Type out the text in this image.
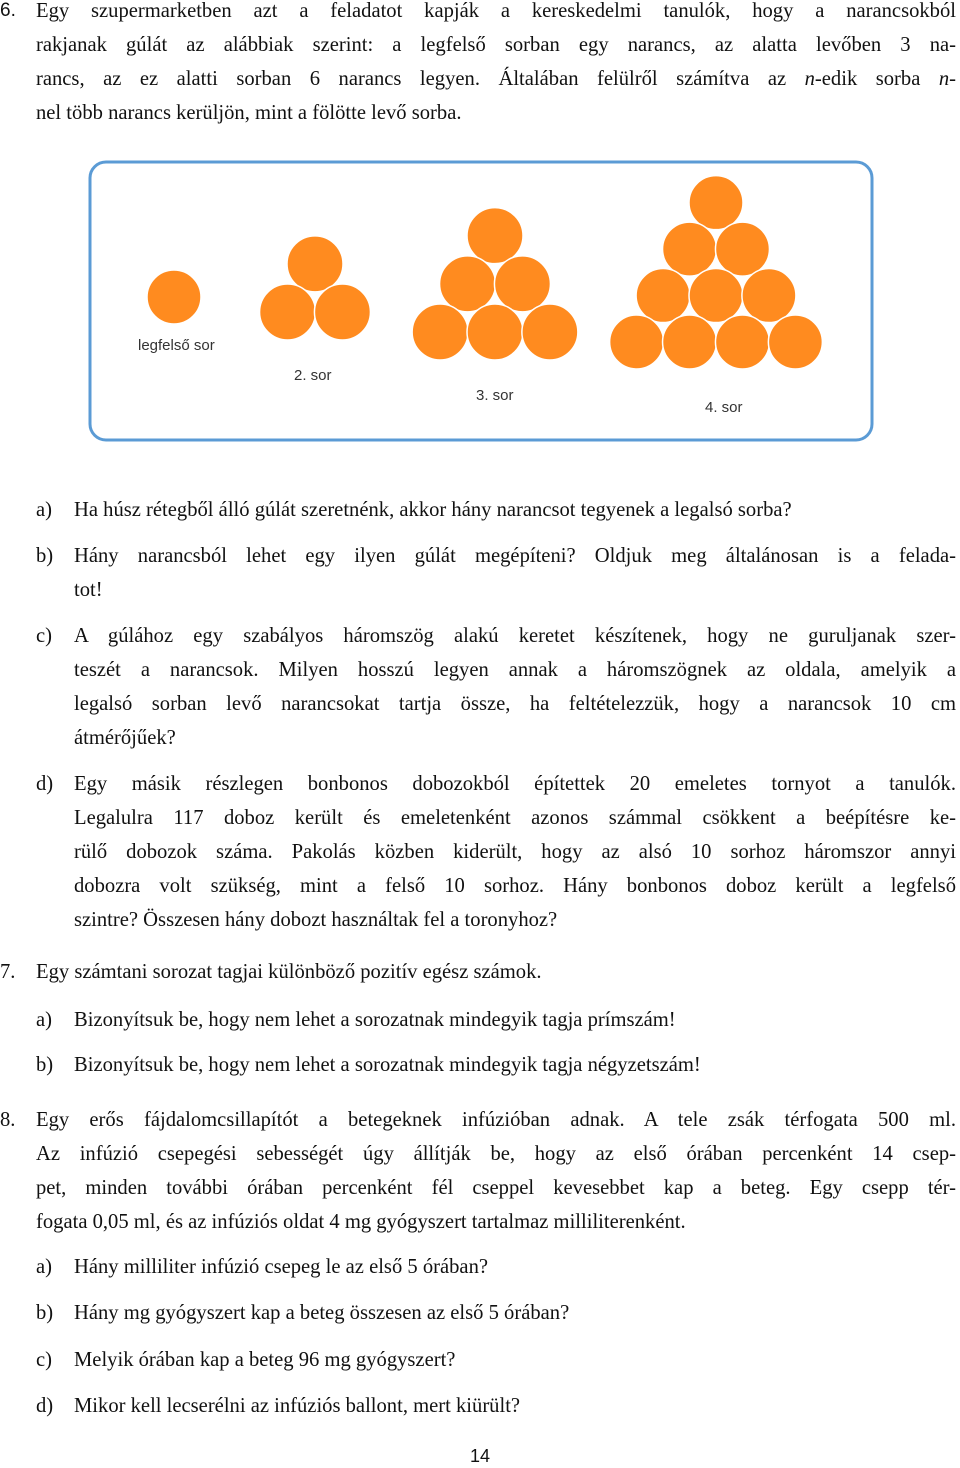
6. Egy szupermarketben azt a feladatot kapják a kereskedelmi tanulók, hogy a narancsokból
rakjanak gúlát az alábbiak szerint: a legfelső sorban egy narancs, az alatta levőben 3 na-
rancs, az ez alatti sorban 6 narancs legyen. Általában felülről számítva az n-edik sorba n-
nel több narancs kerüljön, mint a fölötte levő sorba.
legfelső sor
2. sor
3. sor
4. sor
a)	Ha húsz rétegből álló gúlát szeretnénk, akkor hány narancsot tegyenek a legalsó sorba?
b)	Hány narancsból lehet egy ilyen gúlát megépíteni? Oldjuk meg általánosan is a felada-
tot!
c)	A gúlához egy szabályos háromszög alakú keretet készítenek, hogy ne guruljanak szer-
teszét a narancsok. Milyen hosszú legyen annak a háromszögnek az oldala, amelyik a
legalsó sorban levő narancsokat tartja össze, ha feltételezzük, hogy a narancsok 10 cm
átmérőjűek?
d)	Egy másik részlegen bonbonos dobozokból építettek 20 emeletes tornyot a tanulók.
Legalulra 117 doboz került és emeletenként azonos számmal csökkent a beépítésre ke-
rülő dobozok száma. Pakolás közben kiderült, hogy az alsó 10 sorhoz háromszor annyi
dobozra volt szükség, mint a felső 10 sorhoz. Hány bonbonos doboz került a legfelső
szintre? Összesen hány dobozt használtak fel a toronyhoz?
7. Egy számtani sorozat tagjai különböző pozitív egész számok.
a)	Bizonyítsuk be, hogy nem lehet a sorozatnak mindegyik tagja prímszám!
b)	Bizonyítsuk be, hogy nem lehet a sorozatnak mindegyik tagja négyzetszám!
8. Egy erős fájdalomcsillapítót a betegeknek infúzióban adnak. A tele zsák térfogata 500 ml.
Az infúzió csepegési sebességét úgy állítják be, hogy az első órában percenként 14 csep-
pet, minden további órában percenként fél cseppel kevesebbet kap a beteg. Egy csepp tér-
fogata 0,05 ml, és az infúziós oldat 4 mg gyógyszert tartalmaz milliliterenként.
a)	Hány milliliter infúzió csepeg le az első 5 órában?
b)	Hány mg gyógyszert kap a beteg összesen az első 5 órában?
c)	Melyik órában kap a beteg 96 mg gyógyszert?
d)	Mikor kell lecserélni az infúziós ballont, mert kiürült?
14
